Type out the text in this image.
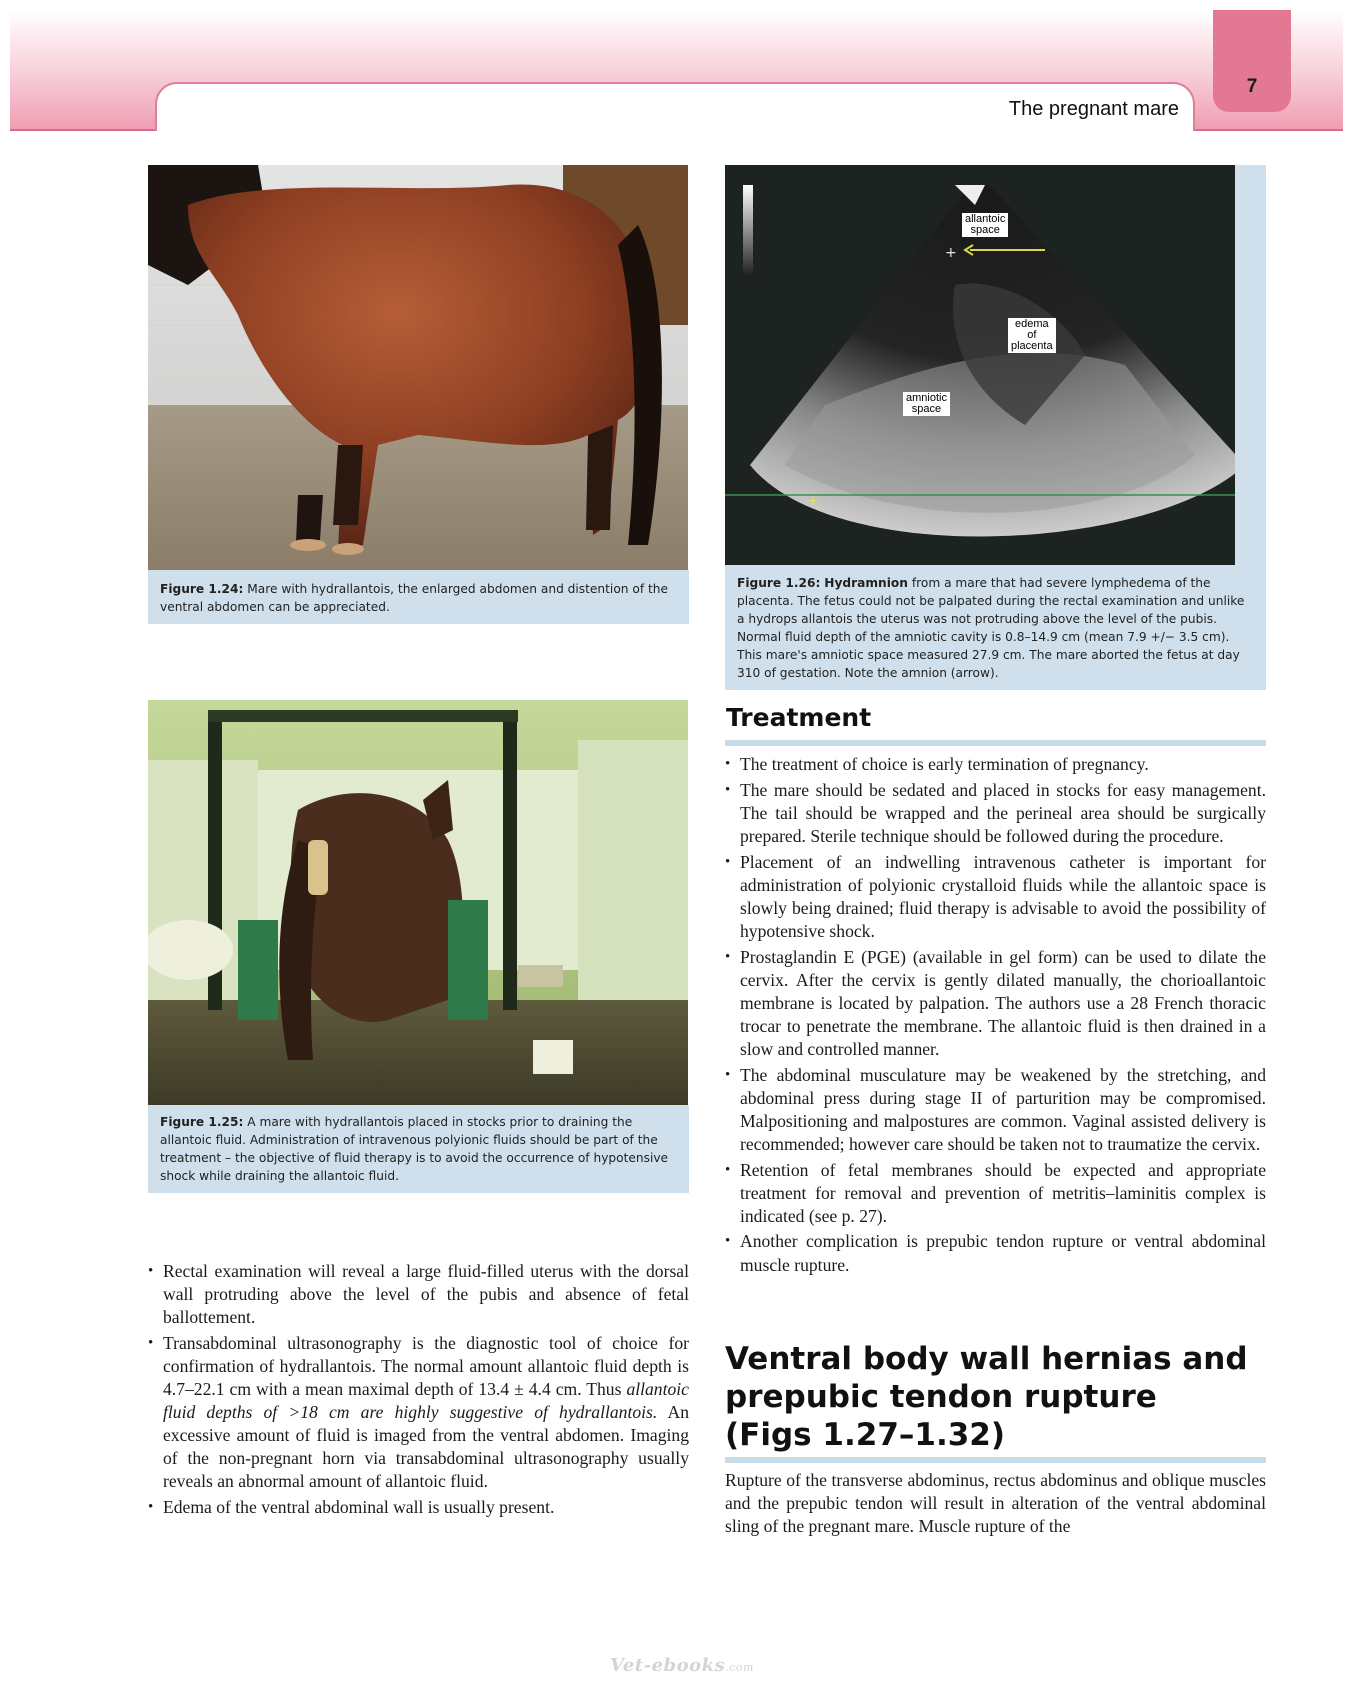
The pregnant mare
7
Figure 1.24: Mare with hydrallantois, the enlarged abdomen and distention of the ventral abdomen can be appreciated.
Figure 1.25: A mare with hydrallantois placed in stocks prior to draining the allantoic fluid. Administration of intravenous polyionic fluids should be part of the treatment – the objective of fluid therapy is to avoid the occurrence of hypotensive shock while draining the allantoic fluid.
+
+
allantoic
space
edema
of
placenta
amniotic
space
Figure 1.26: Hydramnion from a mare that had severe lymphedema of the placenta. The fetus could not be palpated during the rectal examination and unlike a hydrops allantois the uterus was not protruding above the level of the pubis. Normal fluid depth of the amniotic cavity is 0.8–14.9 cm (mean 7.9 +/− 3.5 cm). This mare's amniotic space measured 27.9 cm. The mare aborted the fetus at day 310 of gestation. Note the amnion (arrow).
• Rectal examination will reveal a large fluid-filled uterus with the dorsal wall protruding above the level of the pubis and absence of fetal ballottement.
• Transabdominal ultrasonography is the diagnostic tool of choice for confirmation of hydrallantois. The normal amount allantoic fluid depth is 4.7–22.1 cm with a mean maximal depth of 13.4 ± 4.4 cm. Thus allantoic fluid depths of >18 cm are highly suggestive of hydrallantois. An excessive amount of fluid is imaged from the ventral abdomen. Imaging of the non-pregnant horn via transabdominal ultrasonography usually reveals an abnormal amount of allantoic fluid.
• Edema of the ventral abdominal wall is usually present.
Treatment
• The treatment of choice is early termination of pregnancy.
• The mare should be sedated and placed in stocks for easy management. The tail should be wrapped and the perineal area should be surgically prepared. Sterile technique should be followed during the procedure.
• Placement of an indwelling intravenous catheter is important for administration of polyionic crystalloid fluids while the allantoic space is slowly being drained; fluid therapy is advisable to avoid the possibility of hypotensive shock.
• Prostaglandin E (PGE) (available in gel form) can be used to dilate the cervix. After the cervix is gently dilated manually, the chorioallantoic membrane is located by palpation. The authors use a 28 French thoracic trocar to penetrate the membrane. The allantoic fluid is then drained in a slow and controlled manner.
• The abdominal musculature may be weakened by the stretching, and abdominal press during stage II of parturition may be compromised. Malpositioning and malpostures are common. Vaginal assisted delivery is recommended; however care should be taken not to traumatize the cervix.
• Retention of fetal membranes should be expected and appropriate treatment for removal and prevention of metritis–laminitis complex is indicated (see p. 27).
• Another complication is prepubic tendon rupture or ventral abdominal muscle rupture.
Ventral body wall hernias and
prepubic tendon rupture
(Figs 1.27–1.32)

Rupture of the transverse abdominus, rectus abdominus and oblique muscles and the prepubic tendon will result in alteration of the ventral abdominal sling of the pregnant mare. Muscle rupture of the

Vet-ebooks.com
